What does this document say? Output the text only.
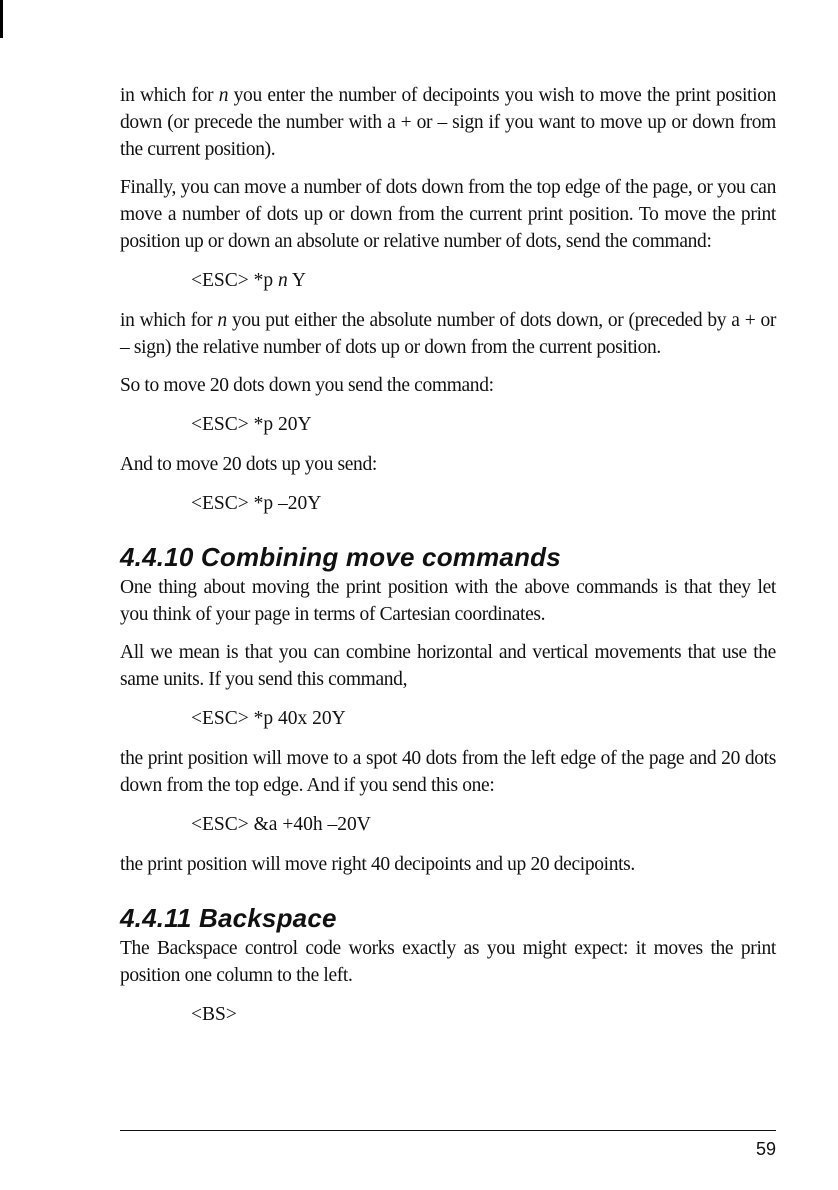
in which for n you enter the number of decipoints you wish to move the print position down (or precede the number with a + or – sign if you want to move up or down from the current position).

Finally, you can move a number of dots down from the top edge of the page, or you can move a number of dots up or down from the current print position. To move the print position up or down an absolute or relative number of dots, send the command:

<ESC> *p n Y

in which for n you put either the absolute number of dots down, or (preceded by a + or – sign) the relative number of dots up or down from the current position.

So to move 20 dots down you send the command:

<ESC> *p 20Y

And to move 20 dots up you send:

<ESC> *p –20Y

4.4.10 Combining move commands

One thing about moving the print position with the above commands is that they let you think of your page in terms of Cartesian coordinates.

All we mean is that you can combine horizontal and vertical movements that use the same units. If you send this command,

<ESC> *p 40x 20Y

the print position will move to a spot 40 dots from the left edge of the page and 20 dots down from the top edge. And if you send this one:

<ESC> &a +40h –20V

the print position will move right 40 decipoints and up 20 decipoints.

4.4.11 Backspace

The Backspace control code works exactly as you might expect: it moves the print position one column to the left.

<BS>

59
